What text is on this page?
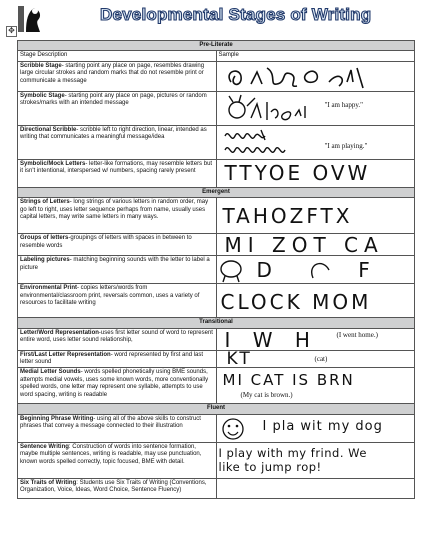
Developmental Stages of Writing
✥
Pre-Literate	
Stage Description	Sample
Scribble Stage- starting point any place on page, resembles drawing large circular strokes and random marks that do not resemble print or communicate a message	

Symbolic Stage- starting point any place on page, pictures or random strokes/marks with an intended message	"I am happy."

Directional Scribble- scribble left to right direction, linear, intended as writing that communicates a meaningful message/idea	"I am playing."

Symbolic/Mock Letters- letter-like formations, may resemble letters but it isn't intentional, interspersed w/ numbers, spacing rarely present	TTYOE OVW

Emergent	
Strings of Letters- long strings of various letters in random order, may go left to right, uses letter sequence perhaps from name, usually uses capital letters, may write same letters in many ways.	TAHOZFTX

Groups of letters-groupings of letters with spaces in between to resemble words	MI ZOT CA

Labeling pictures- matching beginning sounds with the letter to label a picture	D F

Environmental Print- copies letters/words from environmental/classroom print, reversals common, uses a variety of resources to facilitate writing	CLOCK MOM

Transitional	
Letter/Word Representation-uses first letter sound of word to represent entire word, uses letter sound relationship,	I W H (I went home.)

First/Last Letter Representation- word represented by first and last letter sound	KT (cat)

Medial Letter Sounds- words spelled phonetically using BME sounds, attempts medial vowels, uses some known words, more conventionally spelled words, one letter may represent one syllable, attempts to use word spacing, writing is readable	MI CAT IS BRN
(My cat is brown.)

Fluent	
Beginning Phrase Writing- using all of the above skills to construct phrases that convey a message connected to their illustration	I pla wit my dog

Sentence Writing: Construction of words into sentence formation, maybe multiple sentences, writing is readable, may use punctuation, known words spelled correctly, topic focused, BME with detail.	I play with my frind. We like to jump rop!

Six Traits of Writing: Students use Six Traits of Writing (Conventions, Organization, Voice, Ideas, Word Choice, Sentence Fluency)	
